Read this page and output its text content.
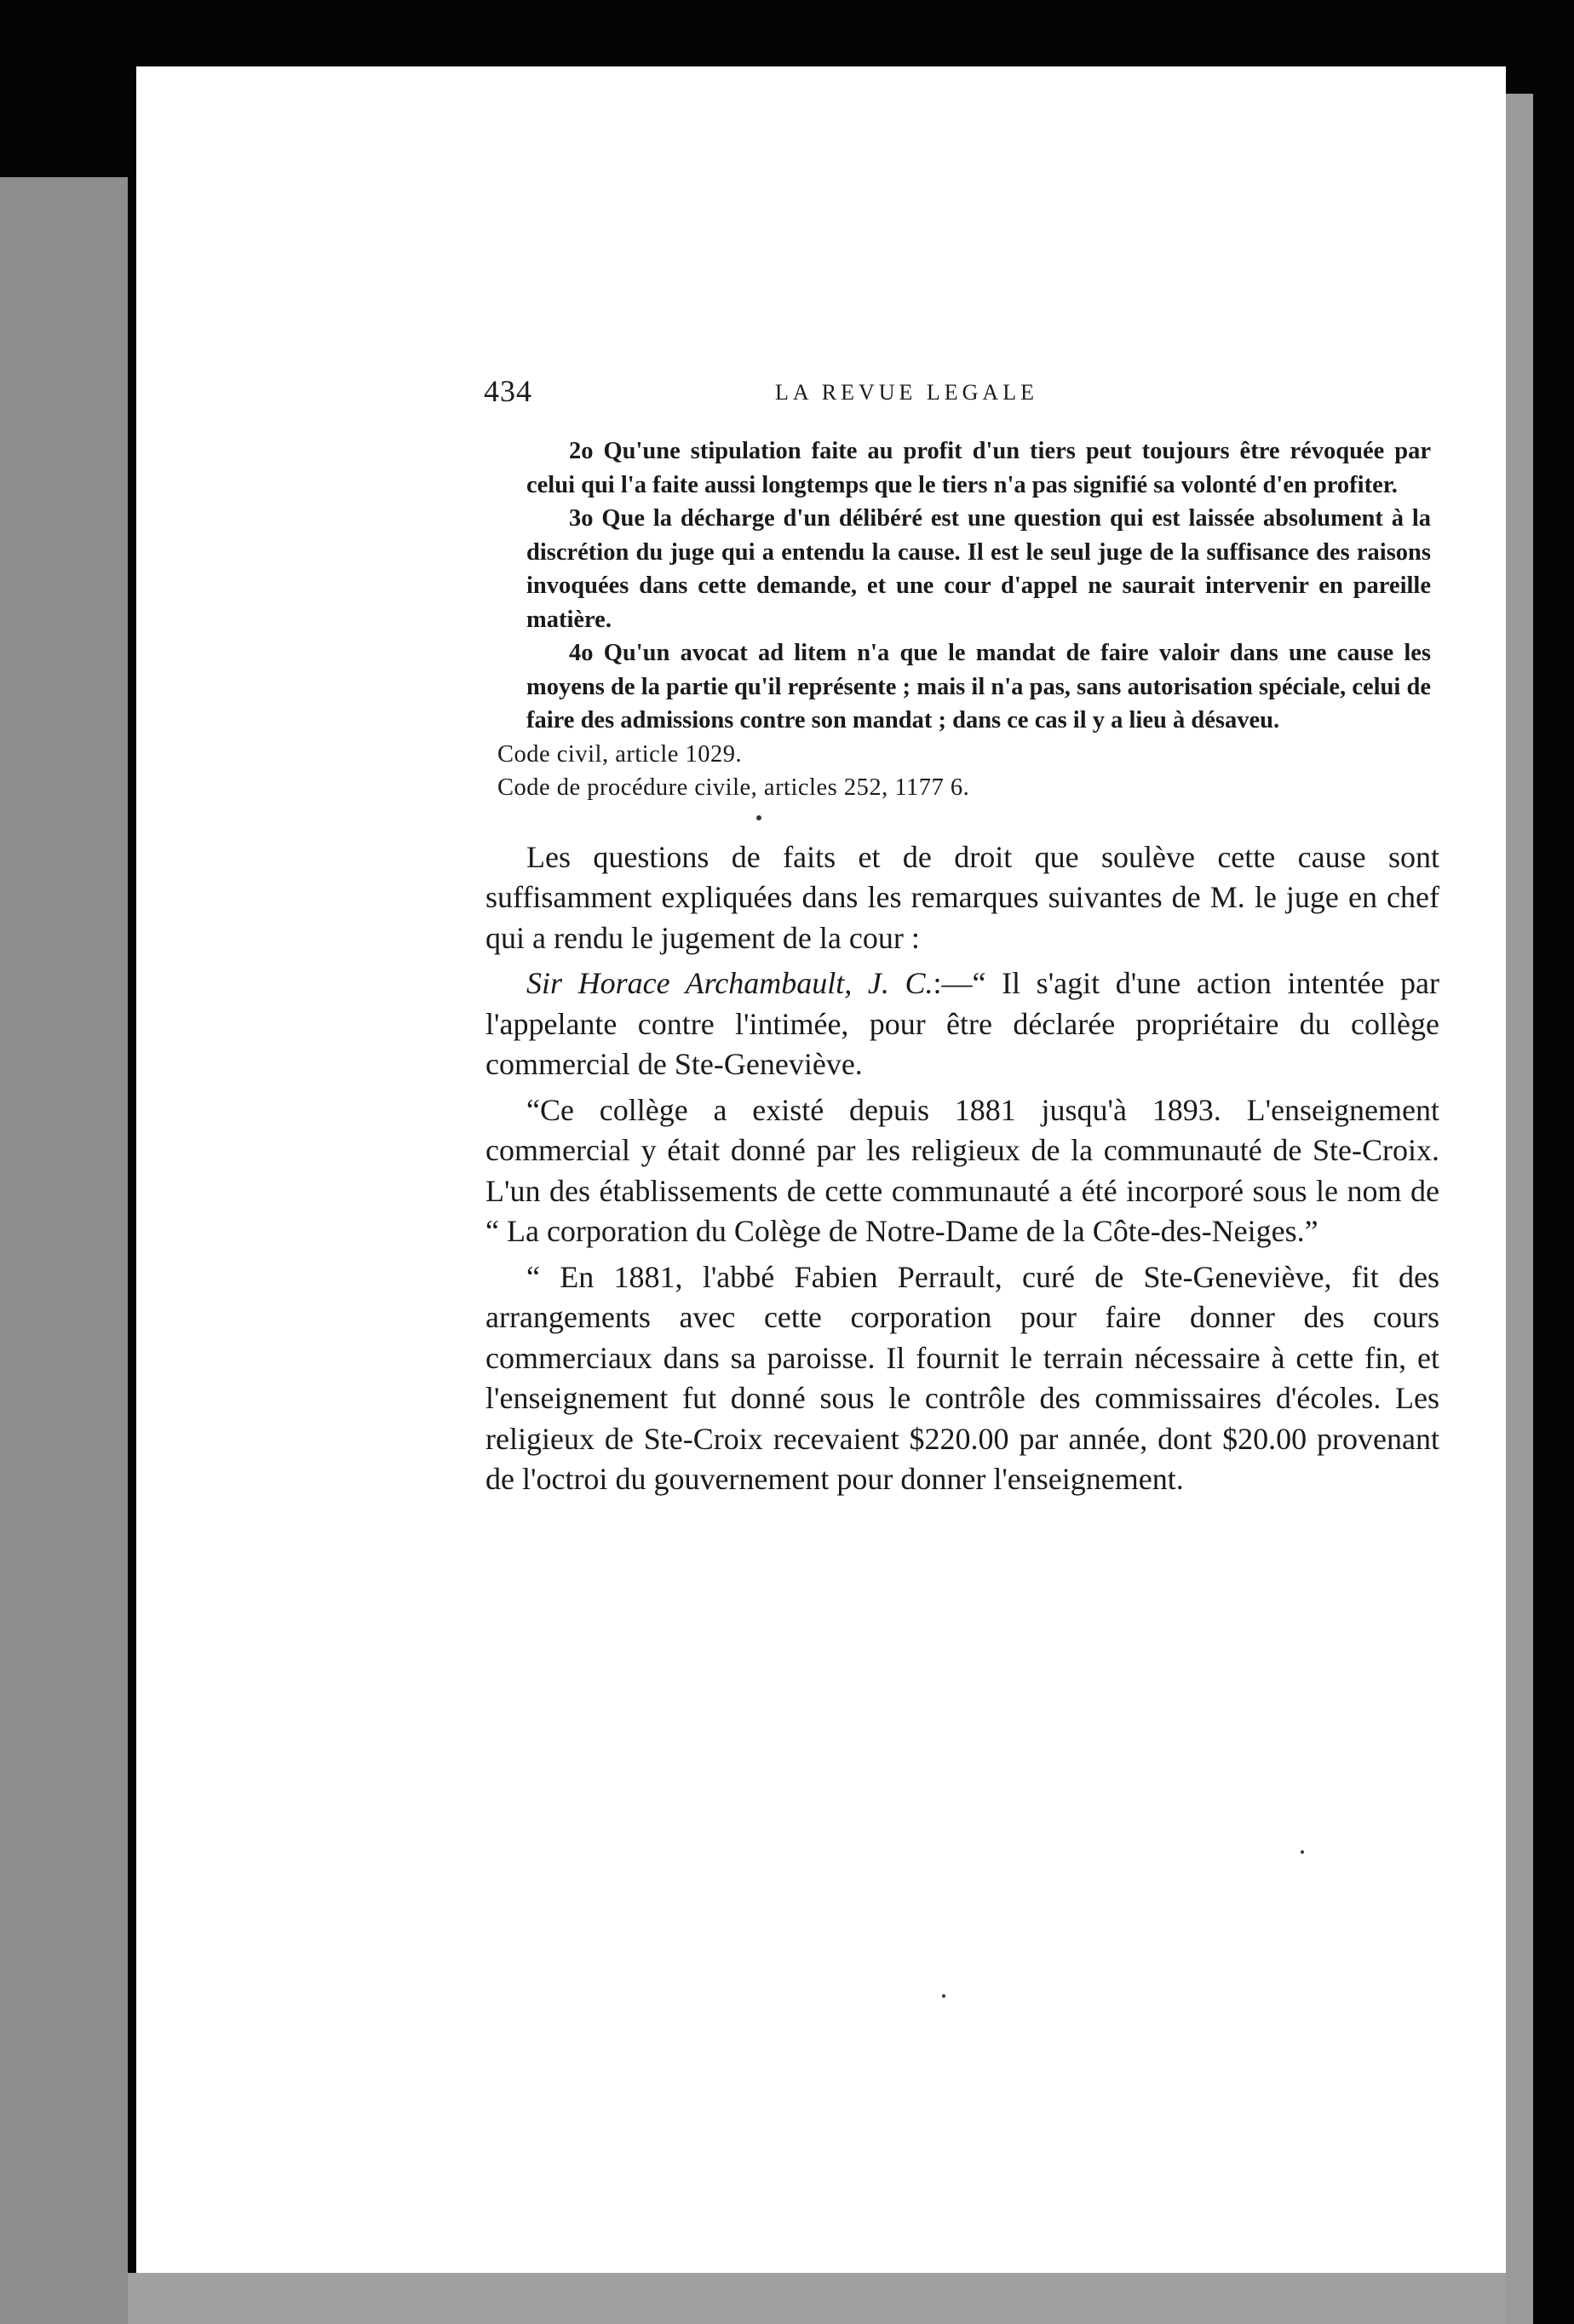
434	LA REVUE LEGALE

2o Qu'une stipulation faite au profit d'un tiers peut toujours être révoquée par celui qui l'a faite aussi longtemps que le tiers n'a pas signifié sa volonté d'en profiter.

3o Que la décharge d'un délibéré est une question qui est laissée absolument à la discrétion du juge qui a entendu la cause. Il est le seul juge de la suffisance des raisons invoquées dans cette demande, et une cour d'appel ne saurait intervenir en pareille matière.

4o Qu'un avocat ad litem n'a que le mandat de faire valoir dans une cause les moyens de la partie qu'il représente ; mais il n'a pas, sans autorisation spéciale, celui de faire des admissions contre son mandat ; dans ce cas il y a lieu à désaveu.

Code civil, article 1029.

Code de procédure civile, articles 252, 1177 6.

Les questions de faits et de droit que soulève cette cause sont suffisamment expliquées dans les remarques suivantes de M. le juge en chef qui a rendu le jugement de la cour :

Sir Horace Archambault, J. C.:—“ Il s'agit d'une action intentée par l'appelante contre l'intimée, pour être déclarée propriétaire du collège commercial de Ste-Geneviève.

“Ce collège a existé depuis 1881 jusqu'à 1893. L'enseignement commercial y était donné par les religieux de la communauté de Ste-Croix. L'un des établissements de cette communauté a été incorporé sous le nom de “ La corporation du Colège de Notre-Dame de la Côte-des-Neiges.”

“ En 1881, l'abbé Fabien Perrault, curé de Ste-Geneviève, fit des arrangements avec cette corporation pour faire donner des cours commerciaux dans sa paroisse. Il fournit le terrain nécessaire à cette fin, et l'enseignement fut donné sous le contrôle des commissaires d'écoles. Les religieux de Ste-Croix recevaient $220.00 par année, dont $20.00 provenant de l'octroi du gouvernement pour donner l'enseignement.
